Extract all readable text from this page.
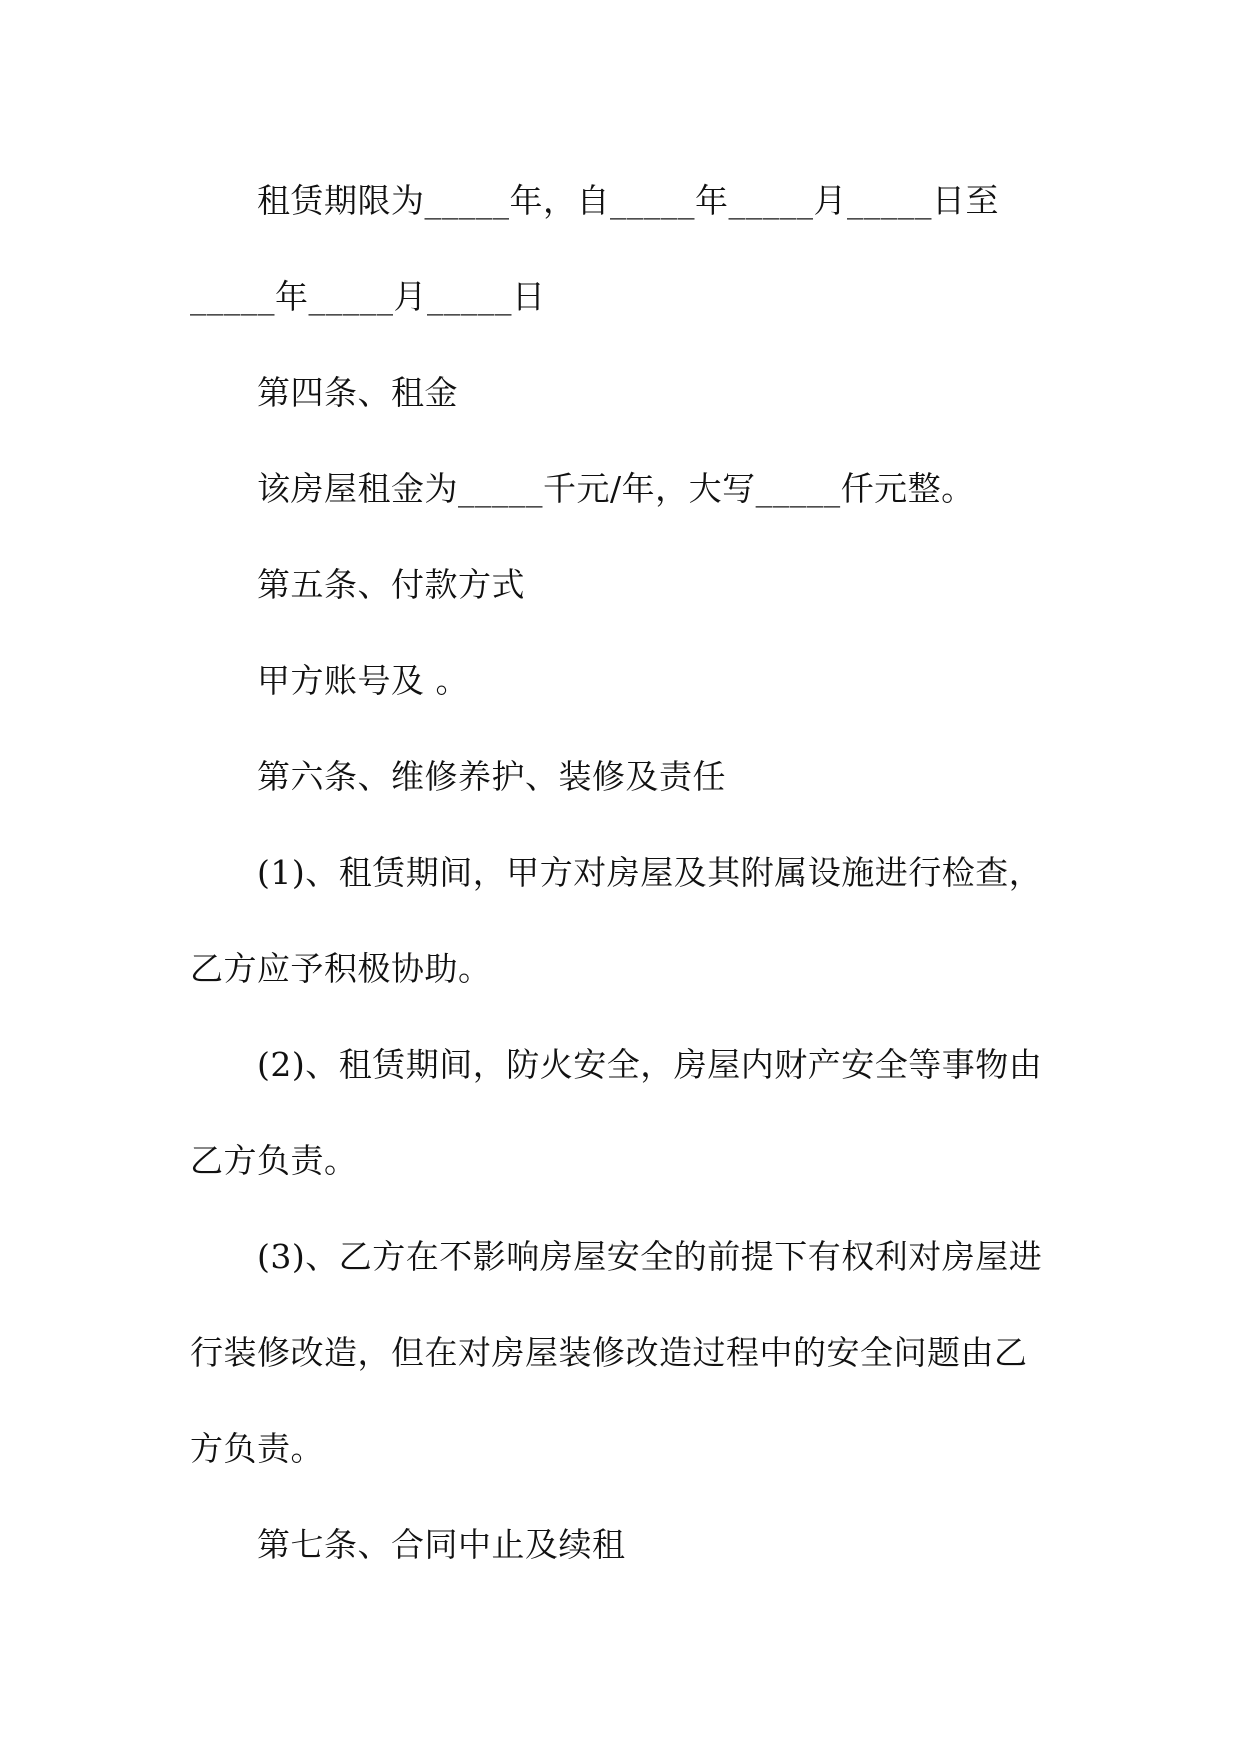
租赁期限为_____年，自_____年_____月_____日至
_____年_____月_____日
第四条、租金
该房屋租金为_____千元/年，大写_____仟元整。
第五条、付款方式
甲方账号及 。
第六条、维修养护、装修及责任
(1)、租赁期间，甲方对房屋及其附属设施进行检查，
乙方应予积极协助。
(2)、租赁期间，防火安全，房屋内财产安全等事物由
乙方负责。
(3)、乙方在不影响房屋安全的前提下有权利对房屋进
行装修改造，但在对房屋装修改造过程中的安全问题由乙
方负责。
第七条、合同中止及续租
